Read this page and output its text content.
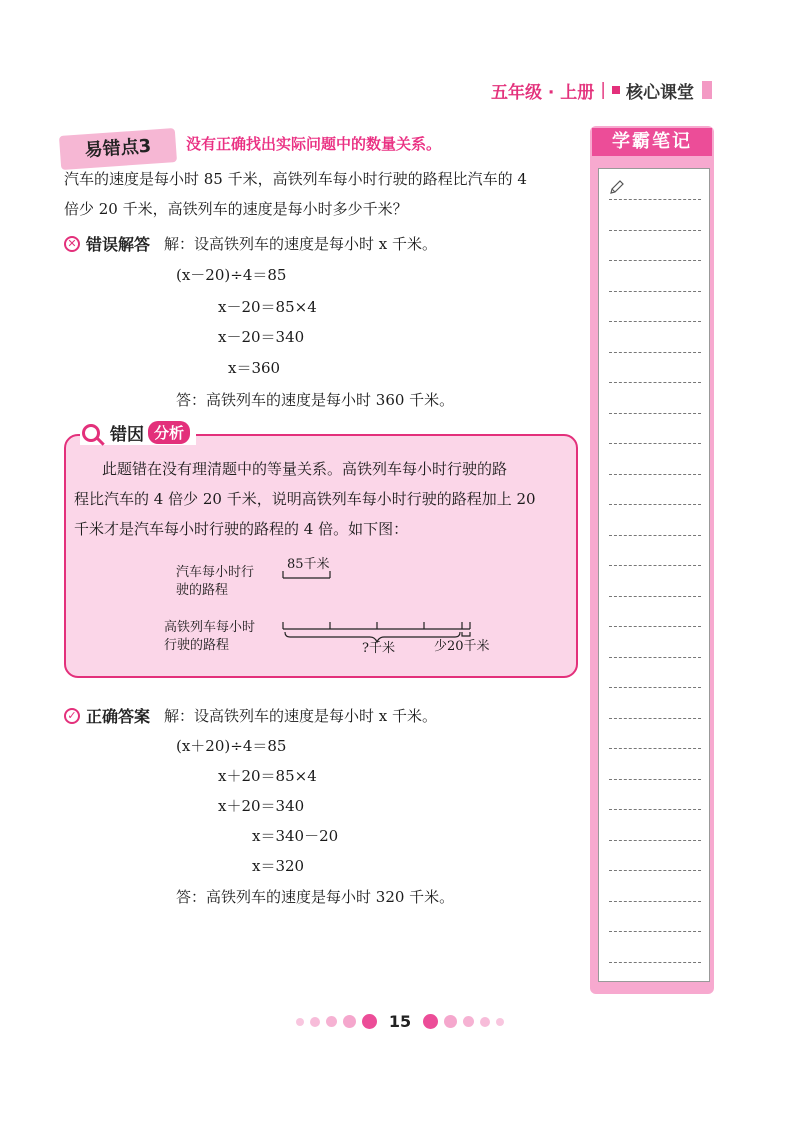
五年级 · 上册 | 核心课堂
学霸笔记
易错点3	没有正确找出实际问题中的数量关系。
汽车的速度是每小时 85 千米，高铁列车每小时行驶的路程比汽车的 4
倍少 20 千米，高铁列车的速度是每小时多少千米？
✕ 错误解答 解：设高铁列车的速度是每小时 x 千米。
(x－20)÷4＝85
x－20＝85×4
x－20＝340
x＝360
答：高铁列车的速度是每小时 360 千米。
错因 分析
此题错在没有理清题中的等量关系。高铁列车每小时行驶的路
程比汽车的 4 倍少 20 千米，说明高铁列车每小时行驶的路程加上 20
千米才是汽车每小时行驶的路程的 4 倍。如下图：
汽车每小时行
驶的路程
85千米
高铁列车每小时
行驶的路程	?千米	少20千米
✓ 正确答案 解：设高铁列车的速度是每小时 x 千米。
(x＋20)÷4＝85
x＋20＝85×4
x＋20＝340
x＝340－20
x＝320
答：高铁列车的速度是每小时 320 千米。
15
